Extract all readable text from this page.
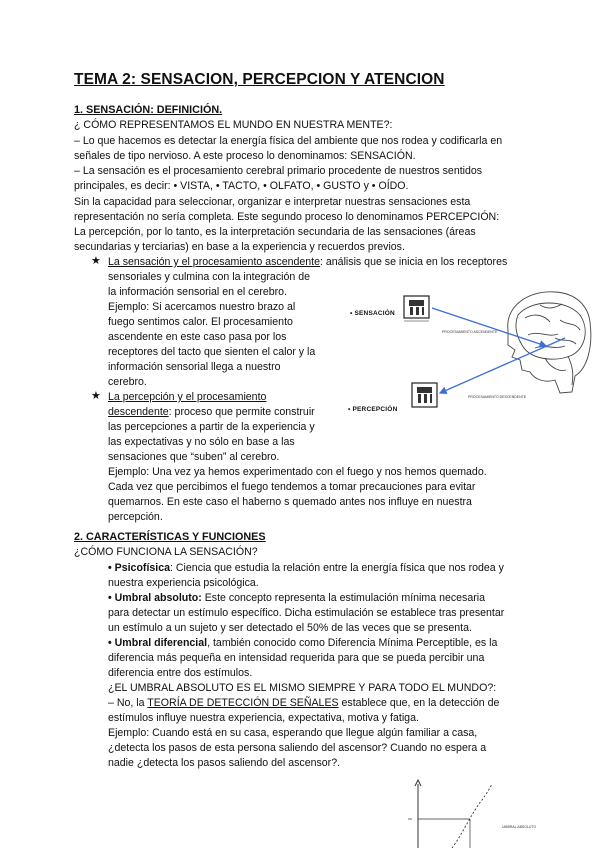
TEMA 2: SENSACION, PERCEPCION Y ATENCION
1. SENSACIÓN: DEFINICIÓN.
¿ CÓMO REPRESENTAMOS EL MUNDO EN NUESTRA MENTE?:
– Lo que hacemos es detectar la energía física del ambiente que nos rodea y codificarla en
señales de tipo nervioso. A este proceso lo denominamos: SENSACIÓN.
– La sensación es el procesamiento cerebral primario procedente de nuestros sentidos
principales, es decir: • VISTA, • TACTO, • OLFATO, • GUSTO y • OÍDO.
Sin la capacidad para seleccionar, organizar e interpretar nuestras sensaciones esta
representación no sería completa. Este segundo proceso lo denominamos PERCEPCIÓN:
La percepción, por lo tanto, es la interpretación secundaria de las sensaciones (áreas
secundarias y terciarias) en base a la experiencia y recuerdos previos.
★ La sensación y el procesamiento ascendente: análisis que se inicia en los receptores
sensoriales y culmina con la integración de
la información sensorial en el cerebro.
Ejemplo: Si acercamos nuestro brazo al
fuego sentimos calor. El procesamiento
ascendente en este caso pasa por los
receptores del tacto que sienten el calor y la
información sensorial llega a nuestro
cerebro.
★ La percepción y el procesamiento
descendente: proceso que permite construir
las percepciones a partir de la experiencia y
las expectativas y no sólo en base a las
sensaciones que “suben” al cerebro.
Ejemplo: Una vez ya hemos experimentado con el fuego y nos hemos quemado.
Cada vez que percibimos el fuego tendemos a tomar precauciones para evitar
quemarnos. En este caso el haberno s quemado antes nos influye en nuestra
percepción.
• SENSACIÓN
• PERCEPCIÓN
PROCESAMIENTO ASCENDENTE
PROCESAMIENTO DESCENDENTE
UMBRAL ABSOLUTO
2. CARACTERÍSTICAS Y FUNCIONES
¿CÓMO FUNCIONA LA SENSACIÓN?
• Psicofísica: Ciencia que estudia la relación entre la energía física que nos rodea y
nuestra experiencia psicológica.
• Umbral absoluto: Este concepto representa la estimulación mínima necesaria
para detectar un estímulo específico. Dicha estimulación se establece tras presentar
un estímulo a un sujeto y ser detectado el 50% de las veces que se presenta.
• Umbral diferencial, también conocido como Diferencia Mínima Perceptible, es la
diferencia más pequeña en intensidad requerida para que se pueda percibir una
diferencia entre dos estímulos.
¿EL UMBRAL ABSOLUTO ES EL MISMO SIEMPRE Y PARA TODO EL MUNDO?:
– No, la TEORÍA DE DETECCIÓN DE SEÑALES establece que, en la detección de
estímulos influye nuestra experiencia, expectativa, motiva y fatiga.
Ejemplo: Cuando está en su casa, esperando que llegue algún familiar a casa,
¿detecta los pasos de esta persona saliendo del ascensor? Cuando no espera a
nadie ¿detecta los pasos saliendo del ascensor?.
